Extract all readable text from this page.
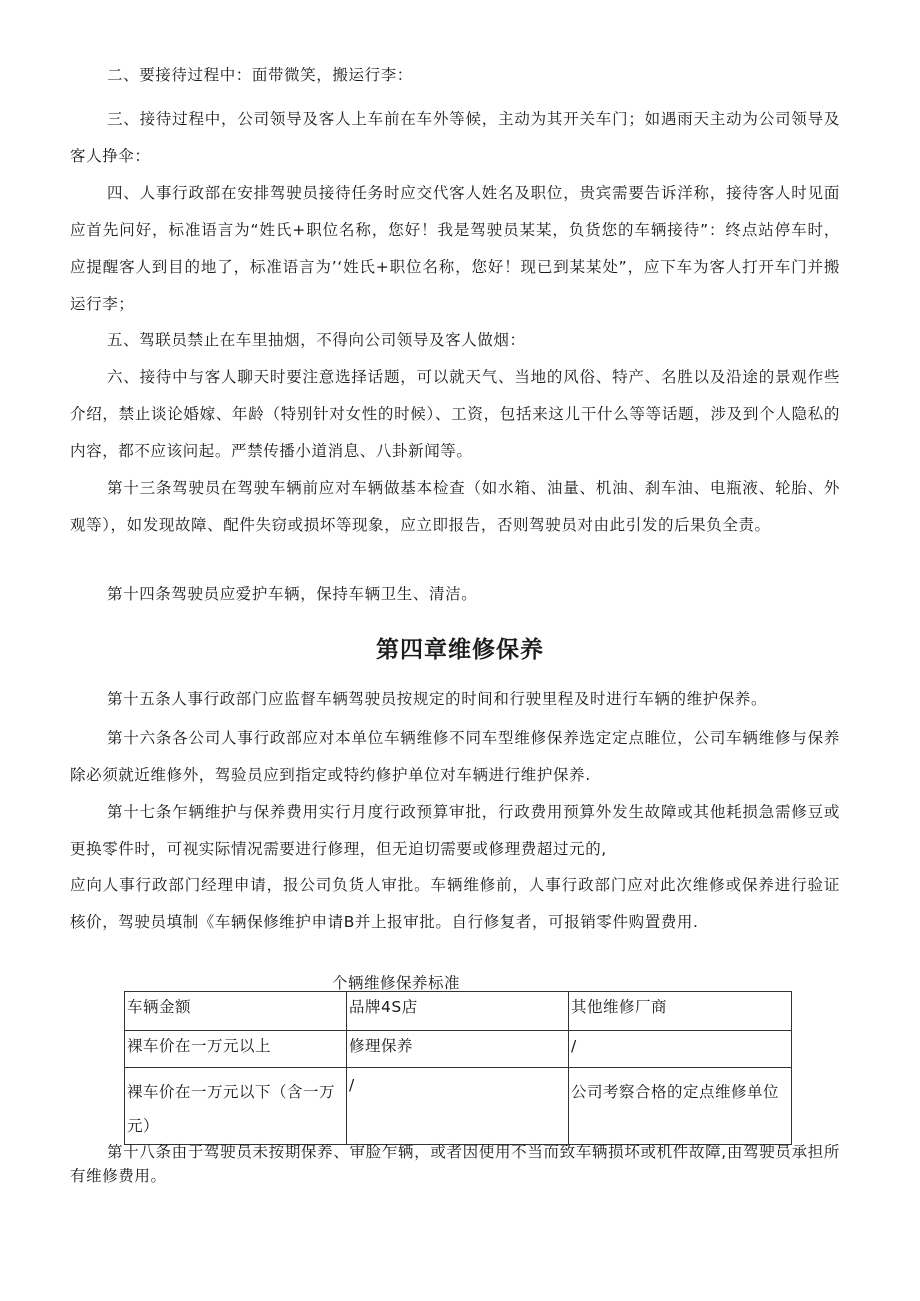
二、要接待过程中：面带微笑，搬运行李：

三、接待过程中，公司领导及客人上车前在车外等候，主动为其开关车门；如遇雨天主动为公司领导及客人挣伞：

四、人事行政部在安排驾驶员接待任务时应交代客人姓名及职位，贵宾需要告诉洋称，接待客人时见面应首先问好，标准语言为“姓氏+职位名称，您好！我是驾驶员某某，负货您的车辆接待”：终点站停车时，应提醒客人到目的地了，标准语言为’‘姓氏+职位名称，您好！现已到某某处”，应下车为客人打开车门并搬运行李；

五、驾联员禁止在车里抽烟，不得向公司领导及客人做烟：

六、接待中与客人聊天时要注意选择话题，可以就天气、当地的风俗、特产、名胜以及沿途的景观作些介绍，禁止谈论婚嫁、年龄（特别针对女性的时候）、工资，包括来这儿干什么等等话题，涉及到个人隐私的内容，都不应该问起。严禁传播小道消息、八卦新闻等。

第十三条驾驶员在驾驶车辆前应对车辆做基本检查（如水箱、油量、机油、刹车油、电瓶液、轮胎、外观等），如发现故障、配件失窃或损坏等现象，应立即报告，否则驾驶员对由此引发的后果负全责。

第十四条驾驶员应爱护车辆，保持车辆卫生、清洁。

第四章维修保养

第十五条人事行政部门应监督车辆驾驶员按规定的时间和行驶里程及时进行车辆的维护保养。

第十六条各公司人事行政部应对本单位车辆维修不同车型维修保养选定定点睢位，公司车辆维修与保养除必须就近维修外，驾验员应到指定或特约修护单位对车辆进行维护保养.

第十七条乍辆维护与保养费用实行月度行政预算审批，行政费用预算外发生故障或其他耗损急需修豆或更换零件时，可视实际情况需要进行修理，但无迫切需要或修理费超过元的,

应向人事行政部门经理申请，报公司负货人审批。车辆维修前，人事行政部门应对此次维修或保养进行验证核价，驾驶员填制《车辆保修维护申请B并上报审批。自行修复者，可报销零件购置费用.

个辆维修保养标准
车辆金额	品牌4S店	其他维修厂商
裸车价在一万元以上	修理保养	/
裸车价在一万元以下（含一万元）	/	公司考察合格的定点维修单位

第十八条由于驾驶员未按期保养、审脸乍辆，或者因使用不当而致车辆损坏或机件故障,由驾驶员承担所有维修费用。
